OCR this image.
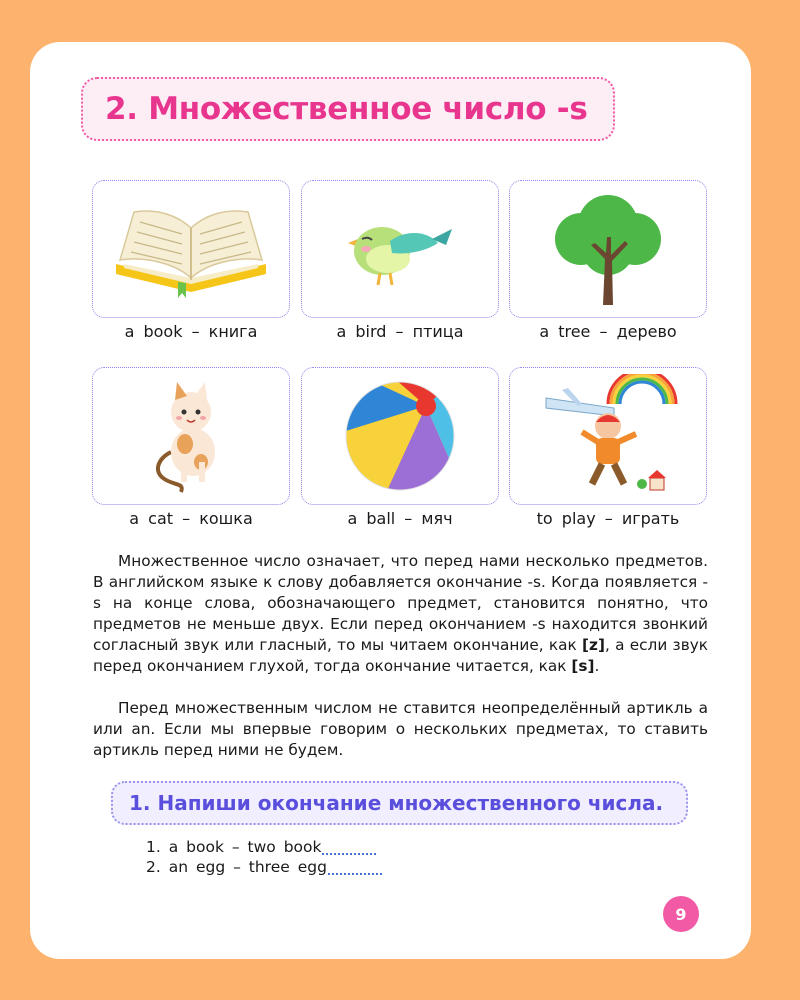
2. Множественное число -s
a book – книга	a bird – птица	a tree – дерево
a cat – кошка	a ball – мяч	to play – играть

Множественное число означает, что перед нами несколько предметов. В английском языке к слову добавляется окончание -s. Когда появляется -s на конце слова, обозначающего предмет, становится понятно, что предметов не меньше двух. Если перед окончанием -s находится звонкий согласный звук или гласный, то мы читаем окончание, как [z], а если звук перед окончанием глухой, тогда окончание читается, как [s].

Перед множественным числом не ставится неопределённый артикль a или an. Если мы впервые говорим о нескольких предметах, то ставить артикль перед ними не будем.

1. Напиши окончание множественного числа.
1. a book – two book
2. an egg – three egg
9
